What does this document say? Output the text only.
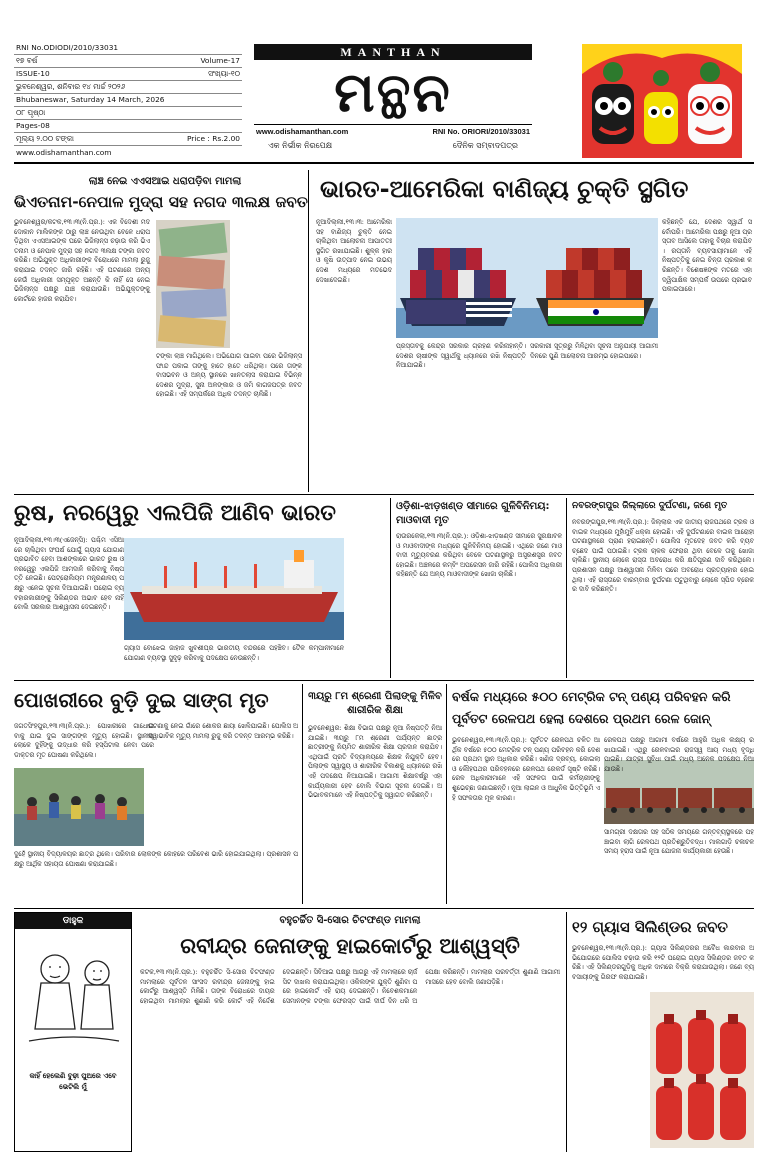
RNI No.ODIODI/2010/33031
୧୭ ବର୍ଷ	Volume-17
ISSUE-10	ସଂଖ୍ୟା-୧୦
ଭୁବନେଶ୍ୱର, ଶନିବାର ୧୪ ମାର୍ଚ୍ଚ ୨୦୨୬
Bhubaneswar, Saturday 14 March, 2026
୦୮ ପୃଷ୍ଠା
Pages-08
ମୂଲ୍ୟ ୨.୦୦ ଟଙ୍କା	Price : Rs.2.00
www.odishamanthan.com
MANTHAN
ମନ୍ଥନ
www.odishamanthan.com	RNI No. ORIORI/2010/33031
ଏକ ନିର୍ଭୀକ ନିରପେକ୍ଷ	ଦୈନିକ ସମ୍ବାଦପତ୍ର
ଲାଞ୍ଚ ନେଇ ଏଏସଆଇ ଧରାପଡ଼ିବା ମାମଲା
ଭିଏତନାମ-ନେପାଳ ମୁଦ୍ରା ସହ ନଗଦ ୩ଲକ୍ଷ ଜବତ
ଭୁବନେଶ୍ୱର/କଟକ,୧୩।୩(ନି.ପ୍ର.): ଏକ ବିଦେଶୀ ମଦ ଦୋକାନ ମାଲିକଙ୍କ ଠାରୁ ଲାଞ୍ଚ ନେଉଥିବା ବେଳେ ଧରାପଡ଼ିଥିବା ଏଏସଆଇଙ୍କ ଘରେ ଭିଜିଲାନ୍ସ ଚଢ଼ାଉ କରି ଭିଏତନାମ ଓ ନେପାଳ ମୁଦ୍ରା ସହ ନଗଦ ୩ଲକ୍ଷ ଟଙ୍କା ଜବତ କରିଛି। ଅଭିଯୁକ୍ତ ଅଧିକାରୀଙ୍କ ବିରୋଧରେ ମାମଲା ରୁଜୁ କରାଯାଇ ତଦନ୍ତ ଜାରି ରହିଛି। ଏହି ଘଟଣାରେ ଅନ୍ୟ କେଉଁ ଅଧିକାରୀ ସମ୍ପୃକ୍ତ ଅଛନ୍ତି କି ନାହିଁ ସେ ନେଇ ଭିଜିଲାନ୍ସ ପକ୍ଷରୁ ଯାଞ୍ଚ କରାଯାଉଛି। ଅଭିଯୁକ୍ତଙ୍କୁ କୋର୍ଟରେ ହାଜର କରାଯିବ।
ଟଙ୍କା ଲାଞ୍ଚ ମାଗିଥିଲେ। ଅଭିଯୋଗ ପାଇବା ପରେ ଭିଜିଲାନ୍ସ ଫାନ୍ଦ ପକାଇ ତାଙ୍କୁ ହାତେ ହାତେ ଧରିଥିଲା। ପରେ ତାଙ୍କ ବାସଭବନ ଓ ଅନ୍ୟ ସ୍ଥାନରେ ଖାନତଲାସ କରାଯାଇ ବିଭିନ୍ନ ଦେଶର ମୁଦ୍ରା, ସୁନା ଅଳଙ୍କାର ଓ ଜମି କାଗଜପତ୍ର ଜବତ ହୋଇଛି। ଏହି ସମ୍ପର୍କରେ ଅଧିକ ତଦନ୍ତ ଚାଲିଛି।
ଭାରତ-ଆମେରିକା ବାଣିଜ୍ୟ ଚୁକ୍ତି ସ୍ଥଗିତ
ନୂଆଦିଲ୍ଲୀ,୧୩।୩: ଆମେରିକା ସହ ବାଣିଜ୍ୟ ଚୁକ୍ତି ନେଇ ଚାଲିଥିବା ଆଲୋଚନା ଆପାତତଃ ସ୍ଥଗିତ ରଖାଯାଇଛି। ଶୁଳ୍କ ହାର ଓ କୃଷି ଉତ୍ପାଦ ନେଇ ଉଭୟ ଦେଶ ମଧ୍ୟରେ ମତଭେଦ ଦେଖାଦେଇଛି।
ପ୍ରସ୍ତାବକୁ କେନ୍ଦ୍ର ସରକାର ଗ୍ରହଣ କରିନାହାନ୍ତି। ଦେଶର ଚାଷୀଙ୍କ ସ୍ୱାର୍ଥକୁ ଧ୍ୟାନରେ ରଖି ନିଷ୍ପତ୍ତି ନିଆଯାଇଛି।
ସରକାରୀ ସୂତ୍ରରୁ ମିଳିଥିବା ସୂଚନା ଅନୁଯାୟୀ ଆଗାମୀ ଦିନରେ ପୁଣି ଆଲୋଚନା ଆରମ୍ଭ ହୋଇପାରେ।
କହିଛନ୍ତି ଯେ, ଦେଶର ସ୍ୱାର୍ଥ ସର୍ବୋପରି। ଆମେରିକା ପକ୍ଷରୁ ନୂଆ ପ୍ରସ୍ତାବ ଆସିଲେ ତାହାକୁ ବିଚାର କରାଯିବ। ରପ୍ତାନି ବ୍ୟବସାୟୀମାନେ ଏହି ନିଷ୍ପତ୍ତିକୁ ନେଇ ଚିନ୍ତା ପ୍ରକାଶ କରିଛନ୍ତି। ବିଶେଷଜ୍ଞଙ୍କ ମତରେ ଏହା ଦ୍ୱିପାକ୍ଷିକ ସମ୍ପର୍କ ଉପରେ ପ୍ରଭାବ ପକାଇପାରେ।
ରୁଷ, ନରୱେରୁ ଏଲପିଜି ଆଣିବ ଭାରତ
ନୂଆଦିଲ୍ଲୀ,୧୩।୩(ଏଜେନ୍ସି): ପଶ୍ଚିମ ଏସିଆରେ ଚାଲିଥିବା ସଂଘର୍ଷ ଯୋଗୁଁ ଗ୍ୟାସ ଯୋଗାଣ ପ୍ରଭାବିତ ହେବା ଆଶଙ୍କାରେ ଭାରତ ରୁଷ ଓ ନରୱେରୁ ଏଲପିଜି ଆମଦାନି କରିବାକୁ ନିଷ୍ପତ୍ତି ନେଇଛି। ପେଟ୍ରୋଲିୟମ ମନ୍ତ୍ରଣାଳୟ ପକ୍ଷରୁ ଏନେଇ ସୂଚନା ଦିଆଯାଇଛି। ଘରୋଇ ବ୍ୟବହାରକାରୀଙ୍କୁ ସିଲିଣ୍ଡର ଅଭାବ ହେବ ନାହିଁ ବୋଲି ସରକାର ଆଶ୍ୱାସନା ଦେଇଛନ୍ତି।
ଗ୍ୟାସ ବୋଝେଇ ଜାହାଜ ଖୁବଶୀଘ୍ର ଭାରତୀୟ ବନ୍ଦରରେ ପହଞ୍ଚିବ। ତୈଳ କମ୍ପାନୀମାନେ ଯୋଗାଣ ବ୍ୟବସ୍ଥା ସୁଦୃଢ଼ କରିବାକୁ ପଦକ୍ଷେପ ନେଉଛନ୍ତି।
ଓଡ଼ିଶା-ଝାଡ଼ଖଣ୍ଡ ସୀମାରେ ଗୁଳିବିନିମୟ: ମାଓବାଦୀ ମୃତ
ରାଉରକେଲା,୧୩।୩(ନି.ପ୍ର.): ଓଡ଼ିଶା-ଝାଡ଼ଖଣ୍ଡ ସୀମାରେ ସୁରକ୍ଷାବଳ ଓ ମାଓବାଦୀଙ୍କ ମଧ୍ୟରେ ଗୁଳିବିନିମୟ ହୋଇଛି। ଏଥିରେ ଜଣେ ମାଓବାଦୀ ମୃତ୍ୟୁବରଣ କରିଥିବା ବେଳେ ଘଟଣାସ୍ଥଳରୁ ଅସ୍ତ୍ରଶସ୍ତ୍ର ଜବତ ହୋଇଛି। ଅଞ୍ଚଳରେ କମ୍ବିଂ ଅପରେସନ ଜାରି ରହିଛି। ପୋଲିସ ଅଧିକାରୀ କହିଛନ୍ତି ଯେ ଅନ୍ୟ ମାଓବାଦୀଙ୍କ ଖୋଜା ଚାଲିଛି।
ନବରଙ୍ଗପୁର ଜିଲ୍ଲାରେ ଦୁର୍ଘଟଣା, ଜଣେ ମୃତ
ନବରଙ୍ଗପୁର,୧୩।୩(ନି.ପ୍ର.): ଜିଲ୍ଲାର ଏକ ଜାତୀୟ ରାଜପଥରେ ଟ୍ରକ ଓ ବାଇକ ମଧ୍ୟରେ ମୁହାଁମୁହିଁ ଧକ୍କା ହୋଇଛି। ଏହି ଦୁର୍ଘଟଣାରେ ବାଇକ ଆରୋହୀ ଘଟଣାସ୍ଥଳରେ ପ୍ରାଣ ହରାଇଛନ୍ତି। ପୋଲିସ ମୃତଦେହ ଜବତ କରି ବ୍ୟବଚ୍ଛେଦ ପାଇଁ ପଠାଇଛି। ଟ୍ରକ ଚାଳକ ଫେରାର ଥିବା ବେଳେ ତାକୁ ଖୋଜା ଚାଲିଛି। ସ୍ଥାନୀୟ ଲୋକେ ରାସ୍ତା ଅବରୋଧ କରି କ୍ଷତିପୂରଣ ଦାବି କରିଥିଲେ। ପ୍ରଶାସନ ପକ୍ଷରୁ ଆଶ୍ୱାସନା ମିଳିବା ପରେ ଅବରୋଧ ପ୍ରତ୍ୟାହାର ହୋଇଥିଲା। ଏହି ରାସ୍ତାରେ ବାରମ୍ବାର ଦୁର୍ଘଟଣା ଘଟୁଥିବାରୁ ଲୋକେ ସ୍ପିଡ ବ୍ରେକର ଦାବି କରିଛନ୍ତି।
ପୋଖରୀରେ ବୁଡ଼ି ଦୁଇ ସାଙ୍ଗ ମୃତ
ଜଗତସିଂହପୁର,୧୩।୩(ନି.ପ୍ର.): ପୋଖରୀରେ ଗାଧୋଇବାକୁ ଯାଇ ଦୁଇ ସାଙ୍ଗଙ୍କ ମୃତ୍ୟୁ ହୋଇଛି। ସ୍ଥାନୀୟ ଲୋକେ ଦୁହିଁଙ୍କୁ ଉଦ୍ଧାର କରି ହସ୍ପିଟାଲ ନେବା ପରେ ଡାକ୍ତର ମୃତ ଘୋଷଣା କରିଥିଲେ।
ଘଟଣାକୁ ନେଇ ଗାଁରେ ଶୋକର ଛାୟା ଖେଳିଯାଇଛି। ପୋଲିସ ଅସ୍ୱାଭାବିକ ମୃତ୍ୟୁ ମାମଲା ରୁଜୁ କରି ତଦନ୍ତ ଆରମ୍ଭ କରିଛି।
ଦୁହେଁ ସ୍ଥାନୀୟ ବିଦ୍ୟାଳୟର ଛାତ୍ର ଥିଲେ। ପରିବାର ଲୋକଙ୍କ କୋହରେ ପରିବେଶ ଭାରି ହୋଇଯାଇଥିଲା। ପ୍ରଶାସନ ପକ୍ଷରୁ ଆର୍ଥିକ ସହାୟତା ଘୋଷଣା କରାଯାଇଛି।
୩ୟରୁ ୮ମ ଶ୍ରେଣୀ ପିଲାଙ୍କୁ ମିଳିବ ଶାରୀରିକ ଶିକ୍ଷା
ଭୁବନେଶ୍ୱର: ଶିକ୍ଷା ବିଭାଗ ପକ୍ଷରୁ ନୂଆ ନିଷ୍ପତ୍ତି ନିଆଯାଇଛି। ୩ୟରୁ ୮ମ ଶ୍ରେଣୀ ପର୍ଯ୍ୟନ୍ତ ଛାତ୍ରଛାତ୍ରୀଙ୍କୁ ନିୟମିତ ଶାରୀରିକ ଶିକ୍ଷା ପ୍ରଦାନ କରାଯିବ। ଏଥିପାଇଁ ପ୍ରତି ବିଦ୍ୟାଳୟରେ ଶିକ୍ଷକ ନିଯୁକ୍ତି ହେବ। ପିଲାଙ୍କ ସ୍ୱାସ୍ଥ୍ୟ ଓ ଶାରୀରିକ ବିକାଶକୁ ଧ୍ୟାନରେ ରଖି ଏହି ପଦକ୍ଷେପ ନିଆଯାଇଛି। ଆଗାମୀ ଶିକ୍ଷାବର୍ଷରୁ ଏହା କାର୍ଯ୍ୟକାରୀ ହେବ ବୋଲି ବିଭାଗ ସୂଚନା ଦେଇଛି। ଅଭିଭାବକମାନେ ଏହି ନିଷ୍ପତ୍ତିକୁ ସ୍ୱାଗତ କରିଛନ୍ତି।
ବର୍ଷକ ମଧ୍ୟରେ ୫୦୦ ମେଟ୍ରିକ ଟନ୍ ପଣ୍ୟ ପରିବହନ କରି
ପୂର୍ବତଟ ରେଳପଥ ହେଲା ଦେଶରେ ପ୍ରଥମ ରେଳ ଜୋନ୍
ଭୁବନେଶ୍ୱର,୧୩।୩(ନି.ପ୍ର.): ପୂର୍ବତଟ ରେଳପଥ ଚଳିତ ଆର୍ଥିକ ବର୍ଷରେ ୫୦୦ ମେଟ୍ରିକ ଟନ୍ ପଣ୍ୟ ପରିବହନ କରି ଦେଶରେ ପ୍ରଥମ ସ୍ଥାନ ଅଧିକାର କରିଛି। ଖଣିଜ ଦ୍ରବ୍ୟ, କୋଇଲା ଓ ଲୌହପଥର ପରିବହନରେ ରେଳପଥ ରେକର୍ଡ ସୃଷ୍ଟି କରିଛି। ରେଳ ଅଧିକାରୀମାନେ ଏହି ସଫଳତା ପାଇଁ କର୍ମଚାରୀଙ୍କୁ ଶୁଭେଚ୍ଛା ଜଣାଇଛନ୍ତି। ନୂଆ ଲାଇନ ଓ ଆଧୁନିକ ଭିତ୍ତିଭୂମି ଏହି ସଫଳତାର ମୂଳ କାରଣ।
ରେଳପଥ ପକ୍ଷରୁ ଆଗାମୀ ବର୍ଷରେ ଆହୁରି ଅଧିକ ଲକ୍ଷ୍ୟ ରଖାଯାଇଛି। ଏଥିରୁ ରେଳବାଇର ରାଜସ୍ୱ ଆୟ ମଧ୍ୟ ବୃଦ୍ଧି ପାଇଛି। ଯାତ୍ରୀ ସୁବିଧା ପାଇଁ ମଧ୍ୟ ଅନେକ ପଦକ୍ଷେପ ନିଆଯାଉଛି।
ସାମଗ୍ରୀ ଦକ୍ଷତାର ସହ ସଠିକ ସମୟରେ ଗନ୍ତବ୍ୟସ୍ଥଳରେ ପହଞ୍ଚାଇବା ଲାଗି ରେଳପଥ ପ୍ରତିଶ୍ରୁତିବଦ୍ଧ। ମାଲଗାଡ଼ି ଚଳାଚଳ ସମୟ ହ୍ରାସ ପାଇଁ ନୂଆ ଯୋଜନା କାର୍ଯ୍ୟକାରୀ ହେଉଛି।
ଡାହୁକ
କାହିଁ ହେଲେଣି ବୁଢ଼ୀ ପୁଅରେ ଏବେ ଭେଟିଲି ମୁଁ
ବହୁଚର୍ଚ୍ଚିତ ସି-ସୋର ଚିଟଫଣ୍ଡ ମାମଲା
ରବୀନ୍ଦ୍ର ଜେନାଙ୍କୁ ହାଇକୋର୍ଟରୁ ଆଶ୍ୱସ୍ତି
କଟକ,୧୩।୩(ନି.ପ୍ର.): ବହୁଚର୍ଚ୍ଚିତ ସି-ସୋର ଚିଟଫଣ୍ଡ ମାମଲାରେ ପୂର୍ବତନ ସାଂସଦ ରବୀନ୍ଦ୍ର ଜେନାଙ୍କୁ ହାଇକୋର୍ଟରୁ ଆଶ୍ୱସ୍ତି ମିଳିଛି। ତାଙ୍କ ବିରୋଧରେ ଦାୟର ହୋଇଥିବା ମାମଲାର ଶୁଣାଣି କରି କୋର୍ଟ ଏହି ନିର୍ଦ୍ଦେଶ ଦେଇଛନ୍ତି। ସିବିଆଇ ପକ୍ଷରୁ ଆଗରୁ ଏହି ମାମଲାରେ ଚାର୍ଜସିଟ ଦାଖଲ କରାଯାଇଥିଲା। ଓକିଲଙ୍କ ଯୁକ୍ତି ଶୁଣିବା ପରେ ହାଇକୋର୍ଟ ଏହି ରାୟ ଦେଇଛନ୍ତି। ନିବେଶକମାନେ ସେମାନଙ୍କ ଟଙ୍କା ଫେରସ୍ତ ପାଇଁ ଦୀର୍ଘ ଦିନ ଧରି ଅପେକ୍ଷା କରିଛନ୍ତି। ମାମଲାର ପରବର୍ତ୍ତୀ ଶୁଣାଣି ଆଗାମୀ ମାସରେ ହେବ ବୋଲି ଜଣାପଡ଼ିଛି।
୧୨ ଗ୍ୟାସ ସିଲିଣ୍ଡର ଜବତ
ଭୁବନେଶ୍ୱର,୧୩।୩(ନି.ପ୍ର.): ଗ୍ୟାସ ସିଲିଣ୍ଡରର ଅବୈଧ କାରବାର ଅଭିଯୋଗରେ ପୋଲିସ ଚଢ଼ାଉ କରି ୧୨ଟି ଘରୋଇ ଗ୍ୟାସ ସିଲିଣ୍ଡର ଜବତ କରିଛି। ଏହି ସିଲିଣ୍ଡରଗୁଡ଼ିକୁ ଅଧିକ ଦାମରେ ବିକ୍ରି କରାଯାଉଥିଲା। ଜଣେ ବ୍ୟବସାୟୀଙ୍କୁ ଗିରଫ କରାଯାଇଛି।
